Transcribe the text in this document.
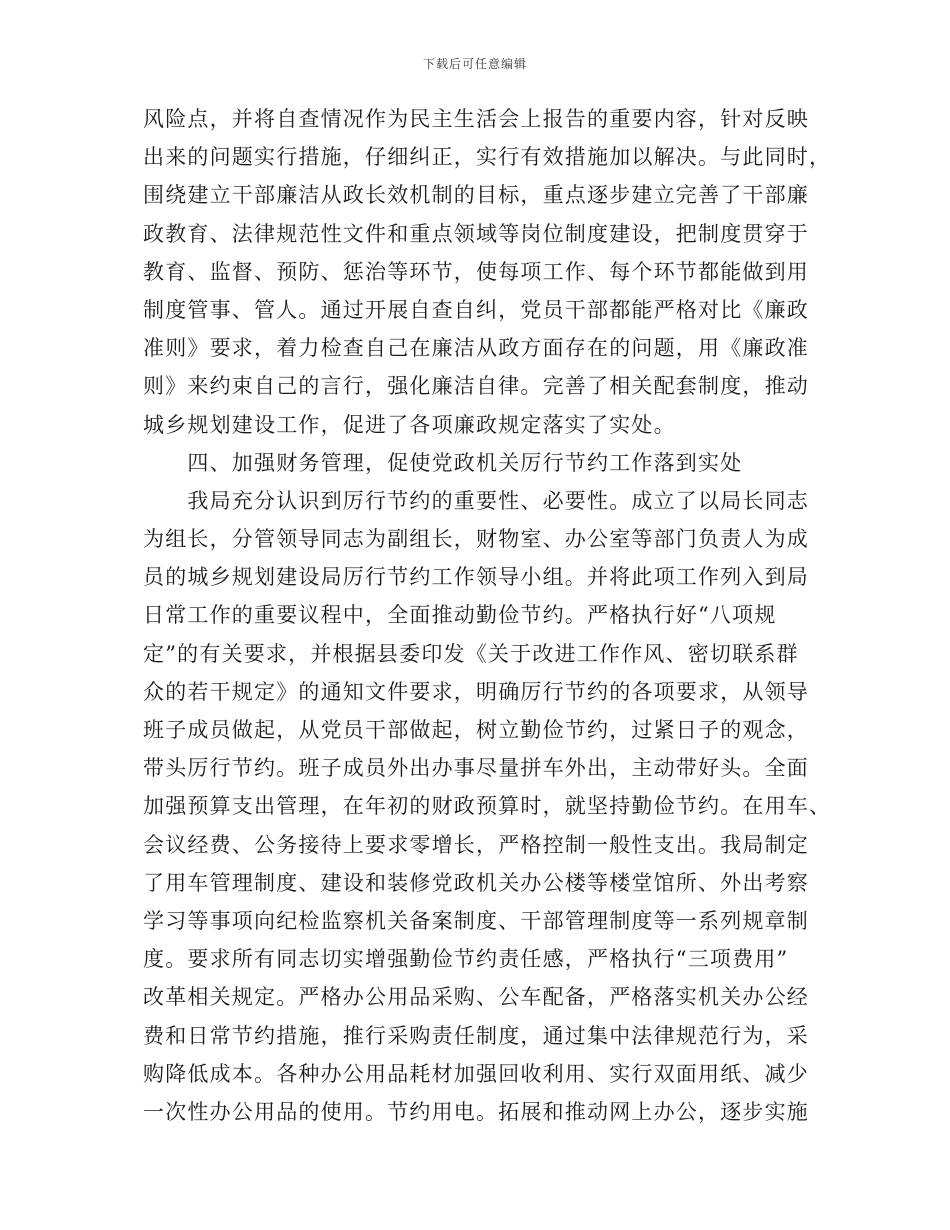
下载后可任意编辑
风险点，并将自查情况作为民主生活会上报告的重要内容，针对反映
出来的问题实行措施，仔细纠正，实行有效措施加以解决。与此同时，
围绕建立干部廉洁从政长效机制的目标，重点逐步建立完善了干部廉
政教育、法律规范性文件和重点领域等岗位制度建设，把制度贯穿于
教育、监督、预防、惩治等环节，使每项工作、每个环节都能做到用
制度管事、管人。通过开展自查自纠，党员干部都能严格对比《廉政
准则》要求，着力检查自己在廉洁从政方面存在的问题，用《廉政准
则》来约束自己的言行，强化廉洁自律。完善了相关配套制度，推动
城乡规划建设工作，促进了各项廉政规定落实了实处。
　　四、加强财务管理，促使党政机关厉行节约工作落到实处
　　我局充分认识到厉行节约的重要性、必要性。成立了以局长同志
为组长，分管领导同志为副组长，财物室、办公室等部门负责人为成
员的城乡规划建设局厉行节约工作领导小组。并将此项工作列入到局
日常工作的重要议程中，全面推动勤俭节约。严格执行好“八项规
定”的有关要求，并根据县委印发《关于改进工作作风、密切联系群
众的若干规定》的通知文件要求，明确厉行节约的各项要求，从领导
班子成员做起，从党员干部做起，树立勤俭节约，过紧日子的观念，
带头厉行节约。班子成员外出办事尽量拼车外出，主动带好头。全面
加强预算支出管理，在年初的财政预算时，就坚持勤俭节约。在用车、
会议经费、公务接待上要求零增长，严格控制一般性支出。我局制定
了用车管理制度、建设和装修党政机关办公楼等楼堂馆所、外出考察
学习等事项向纪检监察机关备案制度、干部管理制度等一系列规章制
度。要求所有同志切实增强勤俭节约责任感，严格执行“三项费用”
改革相关规定。严格办公用品采购、公车配备，严格落实机关办公经
费和日常节约措施，推行采购责任制度，通过集中法律规范行为，采
购降低成本。各种办公用品耗材加强回收利用、实行双面用纸、减少
一次性办公用品的使用。节约用电。拓展和推动网上办公，逐步实施
